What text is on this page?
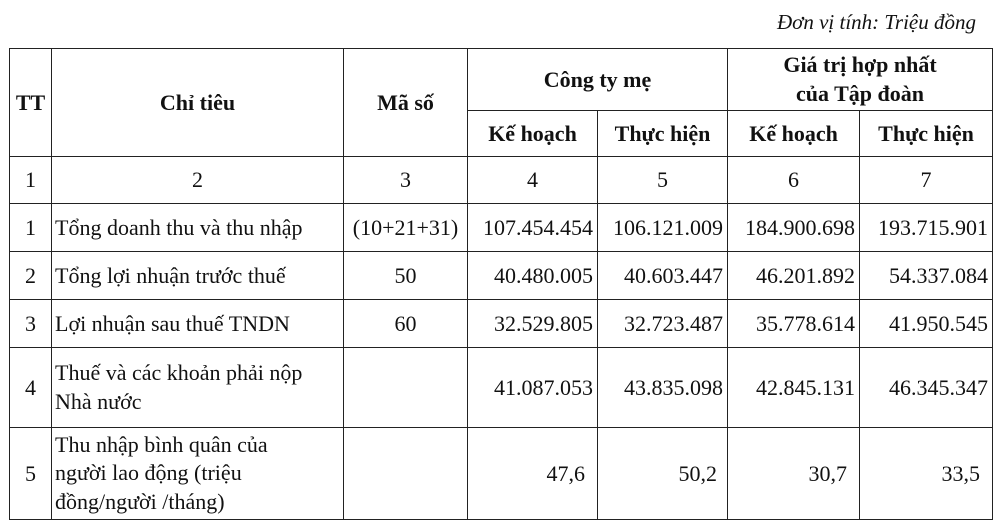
Đơn vị tính: Triệu đồng
TT	Chỉ tiêu	Mã số	Công ty mẹ		Giá trị hợp nhất
của Tập đoàn	

			Kế hoạch	Thực hiện	Kế hoạch	Thực hiện
1	2	3	4	5	6	7
1	Tổng doanh thu và thu nhập	(10+21+31)	107.454.454	106.121.009	184.900.698	193.715.901
2	Tổng lợi nhuận trước thuế	50	40.480.005	40.603.447	46.201.892	54.337.084
3	Lợi nhuận sau thuế TNDN	60	32.529.805	32.723.487	35.778.614	41.950.545
4	Thuế và các khoản phải nộp
Nhà nước		41.087.053	43.835.098	42.845.131	46.345.347
5	Thu nhập bình quân của
người lao động (triệu
đồng/người /tháng)		47,6	50,2	30,7	33,5
